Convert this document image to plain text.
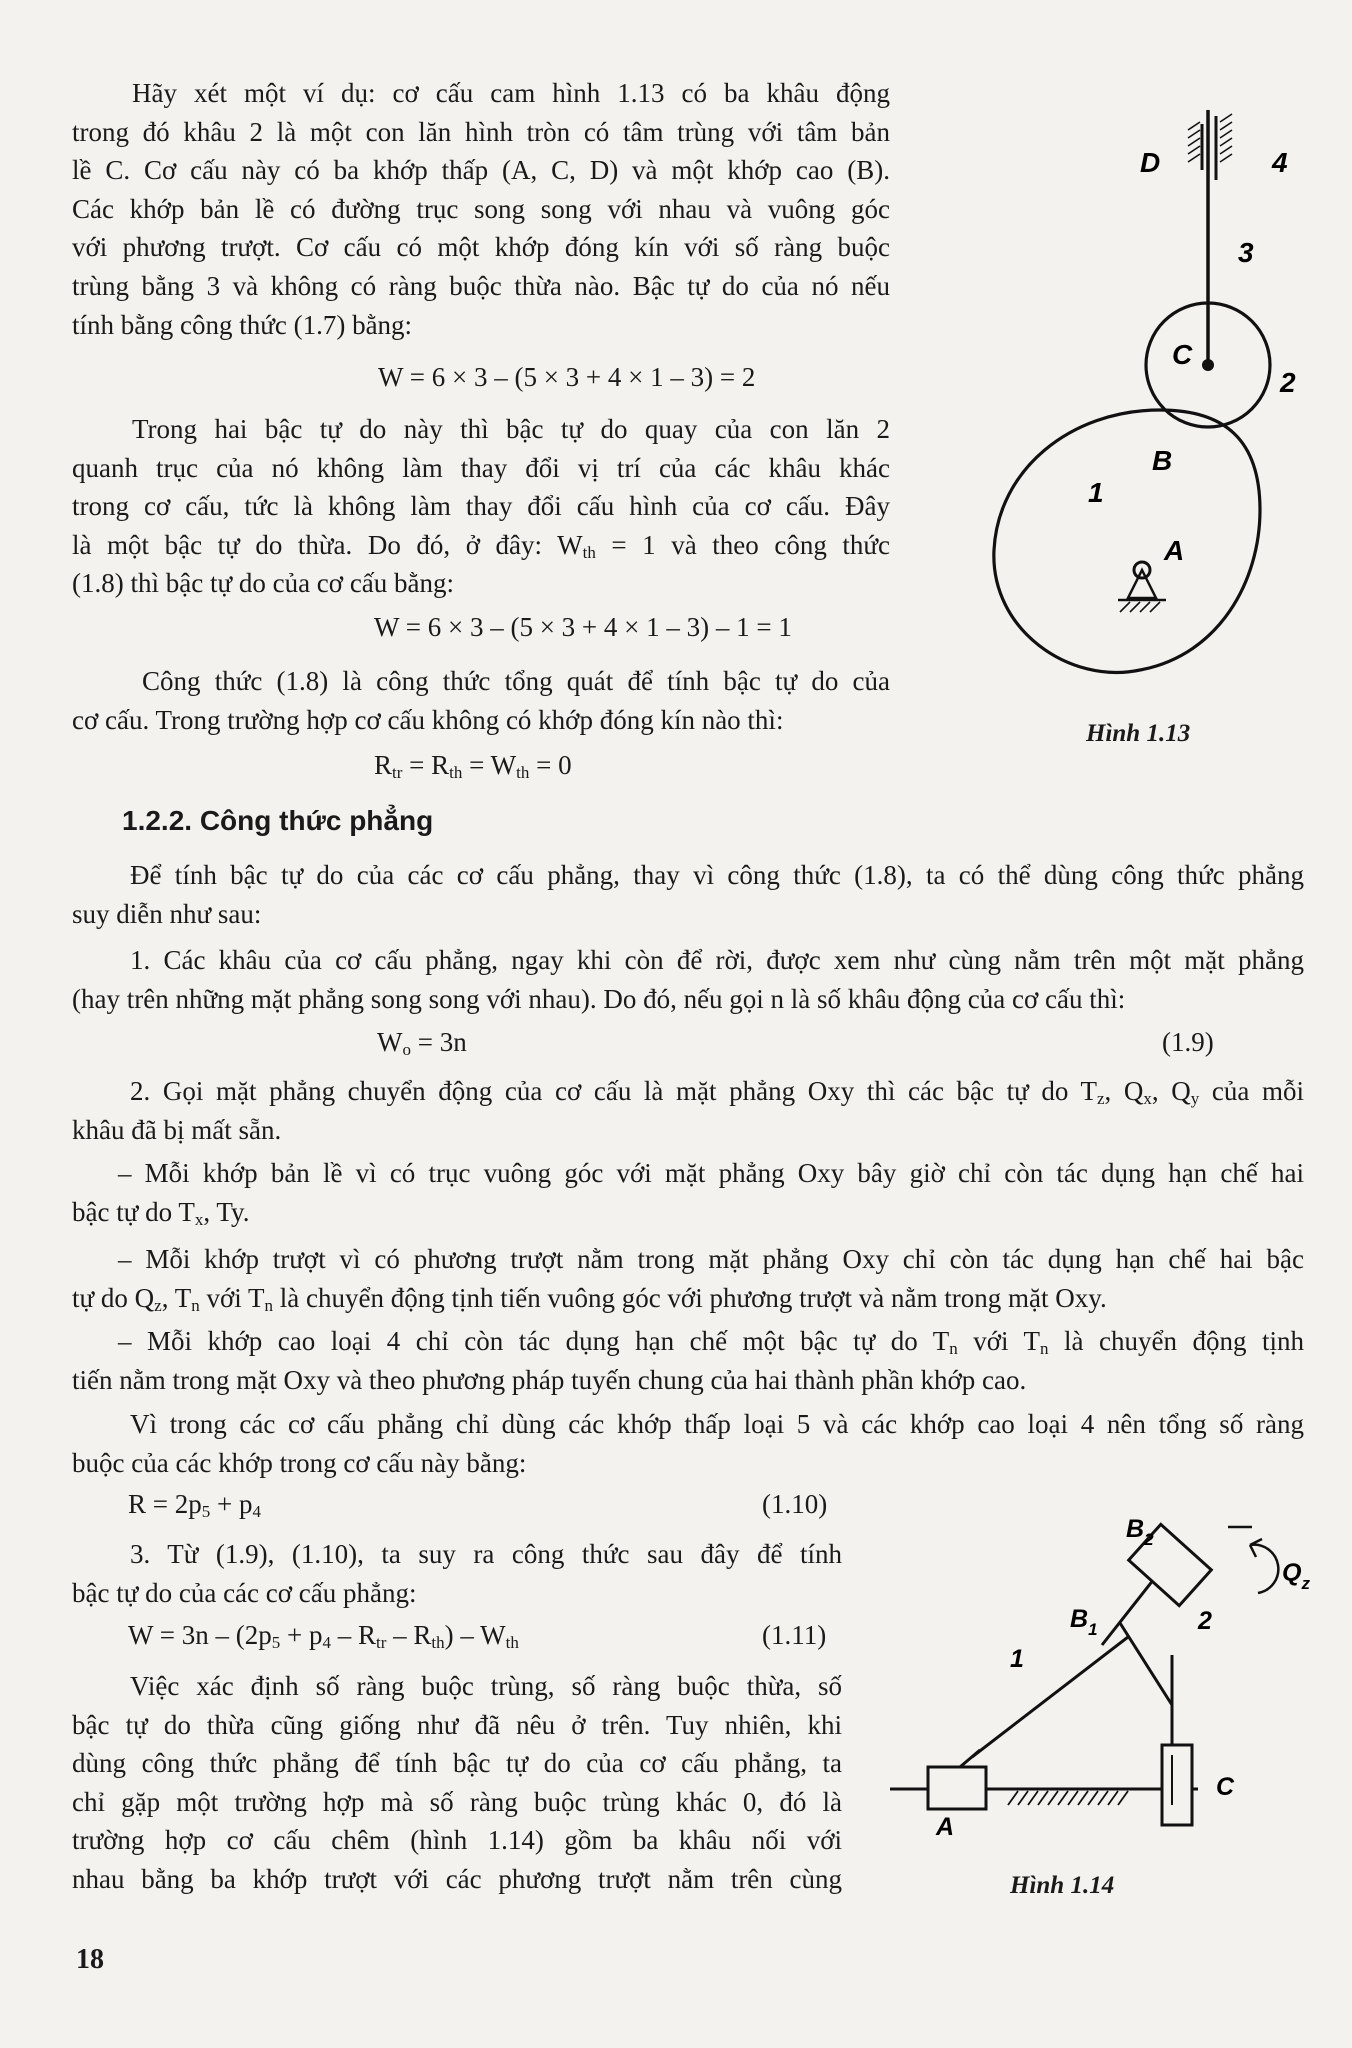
Hãy xét một ví dụ: cơ cấu cam hình 1.13 có ba khâu động
trong đó khâu 2 là một con lăn hình tròn có tâm trùng với tâm bản
lề C. Cơ cấu này có ba khớp thấp (A, C, D) và một khớp cao (B).
Các khớp bản lề có đường trục song song với nhau và vuông góc
với phương trượt. Cơ cấu có một khớp đóng kín với số ràng buộc
trùng bằng 3 và không có ràng buộc thừa nào. Bậc tự do của nó nếu
tính bằng công thức (1.7) bằng:
W = 6 × 3 – (5 × 3 + 4 × 1 – 3) = 2
Trong hai bậc tự do này thì bậc tự do quay của con lăn 2
quanh trục của nó không làm thay đổi vị trí của các khâu khác
trong cơ cấu, tức là không làm thay đổi cấu hình của cơ cấu. Đây
là một bậc tự do thừa. Do đó, ở đây: $W_{th} = 1$ và theo công thức
(1.8) thì bậc tự do của cơ cấu bằng:
W = 6 × 3 – (5 × 3 + 4 × 1 – 3) – 1 = 1
Công thức (1.8) là công thức tổng quát để tính bậc tự do của
cơ cấu. Trong trường hợp cơ cấu không có khớp đóng kín nào thì:
$R_{tr} = R_{th} = W_{th} = 0$
1.2.2. Công thức phẳng
Để tính bậc tự do của các cơ cấu phẳng, thay vì công thức (1.8), ta có thể dùng công thức phẳng
suy diễn như sau:
1. Các khâu của cơ cấu phẳng, ngay khi còn để rời, được xem như cùng nằm trên một mặt phẳng
(hay trên những mặt phẳng song song với nhau). Do đó, nếu gọi n là số khâu động của cơ cấu thì:
$W_o = 3n$	(1.9)
2. Gọi mặt phẳng chuyển động của cơ cấu là mặt phẳng Oxy thì các bậc tự do $T_z$, $Q_x$, $Q_y$ của mỗi
khâu đã bị mất sẵn.
– Mỗi khớp bản lề vì có trục vuông góc với mặt phẳng Oxy bây giờ chỉ còn tác dụng hạn chế hai
bậc tự do $T_x$, Ty.
– Mỗi khớp trượt vì có phương trượt nằm trong mặt phẳng Oxy chỉ còn tác dụng hạn chế hai bậc
tự do $Q_z$, $T_n$ với $T_n$ là chuyển động tịnh tiến vuông góc với phương trượt và nằm trong mặt Oxy.
– Mỗi khớp cao loại 4 chỉ còn tác dụng hạn chế một bậc tự do $T_n$ với $T_n$ là chuyển động tịnh
tiến nằm trong mặt Oxy và theo phương pháp tuyến chung của hai thành phần khớp cao.
Vì trong các cơ cấu phẳng chỉ dùng các khớp thấp loại 5 và các khớp cao loại 4 nên tổng số ràng
buộc của các khớp trong cơ cấu này bằng:
$R = 2p_5 + p_4$	(1.10)
3. Từ (1.9), (1.10), ta suy ra công thức sau đây để tính
bậc tự do của các cơ cấu phẳng:
$W = 3n - (2p_5 + p_4 - R_{tr} - R_{th}) - W_{th}$	(1.11)
Việc xác định số ràng buộc trùng, số ràng buộc thừa, số
bậc tự do thừa cũng giống như đã nêu ở trên. Tuy nhiên, khi
dùng công thức phẳng để tính bậc tự do của cơ cấu phẳng, ta
chỉ gặp một trường hợp mà số ràng buộc trùng khác 0, đó là
trường hợp cơ cấu chêm (hình 1.14) gồm ba khâu nối với
nhau bằng ba khớp trượt với các phương trượt nằm trên cùng
D	4
3
C
2
B
1
A
Hình 1.13
$B_2$
$B_1$
$Q_z$
2
1
C
A
Hình 1.14
18
